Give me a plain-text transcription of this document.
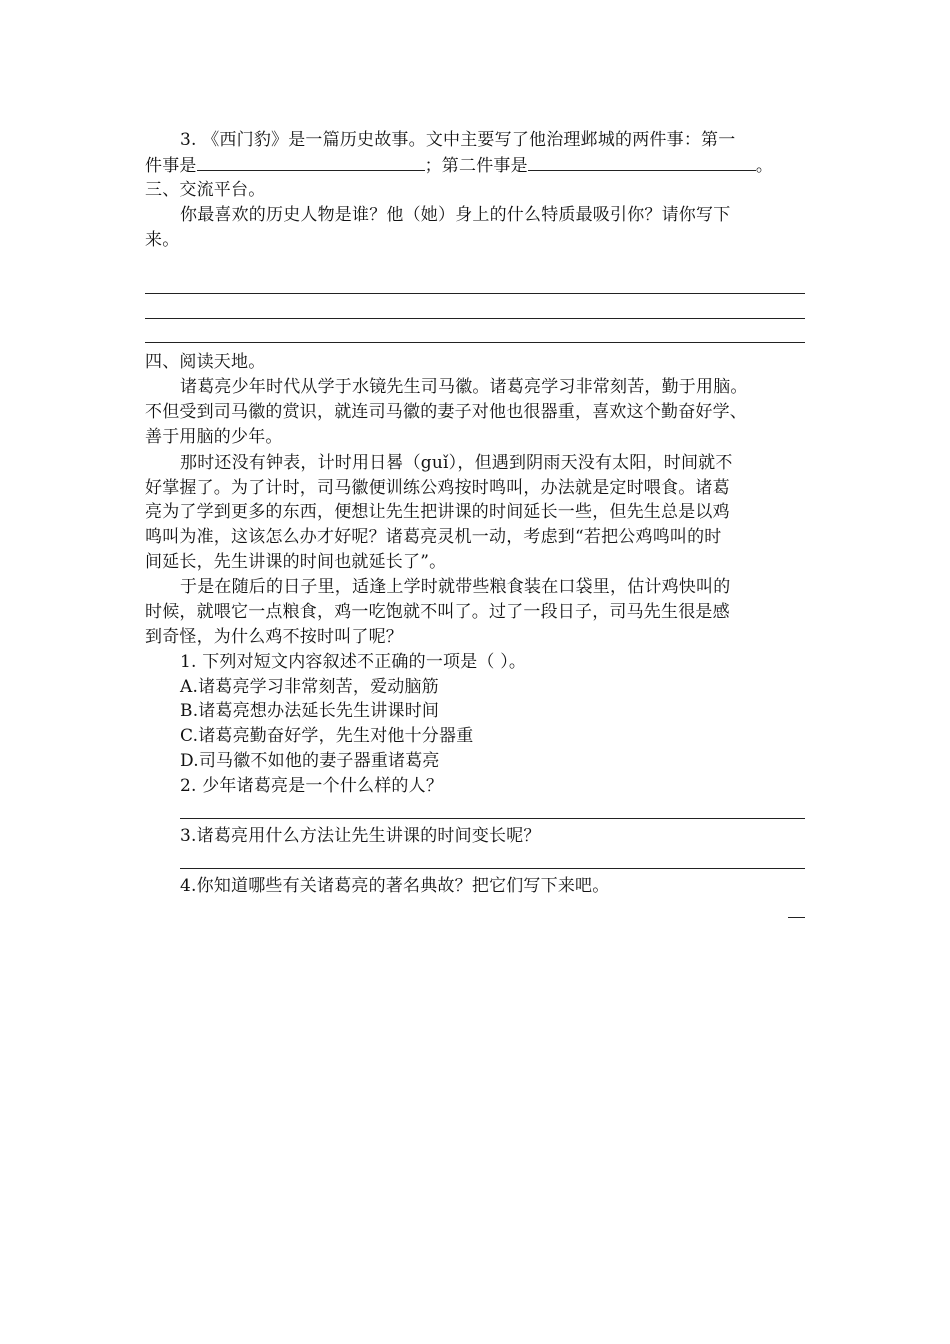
3. 《西门豹》是一篇历史故事。文中主要写了他治理邺城的两件事：第一
件事是	；第二件事是	。
三、交流平台。
你最喜欢的历史人物是谁？他（她）身上的什么特质最吸引你？请你写下
来。
四、阅读天地。
诸葛亮少年时代从学于水镜先生司马徽。诸葛亮学习非常刻苦，勤于用脑。
不但受到司马徽的赏识，就连司马徽的妻子对他也很器重，喜欢这个勤奋好学、
善于用脑的少年。
那时还没有钟表，计时用日晷（guǐ），但遇到阴雨天没有太阳，时间就不
好掌握了。为了计时，司马徽便训练公鸡按时鸣叫，办法就是定时喂食。诸葛
亮为了学到更多的东西，便想让先生把讲课的时间延长一些，但先生总是以鸡
鸣叫为准，这该怎么办才好呢？诸葛亮灵机一动，考虑到“若把公鸡鸣叫的时
间延长，先生讲课的时间也就延长了”。
于是在随后的日子里，适逢上学时就带些粮食装在口袋里，估计鸡快叫的
时候，就喂它一点粮食，鸡一吃饱就不叫了。过了一段日子，司马先生很是感
到奇怪，为什么鸡不按时叫了呢？
1. 下列对短文内容叙述不正确的一项是（ ）。
A.诸葛亮学习非常刻苦，爱动脑筋
B.诸葛亮想办法延长先生讲课时间
C.诸葛亮勤奋好学，先生对他十分器重
D.司马徽不如他的妻子器重诸葛亮
2. 少年诸葛亮是一个什么样的人？
3.诸葛亮用什么方法让先生讲课的时间变长呢？
4.你知道哪些有关诸葛亮的著名典故？把它们写下来吧。
